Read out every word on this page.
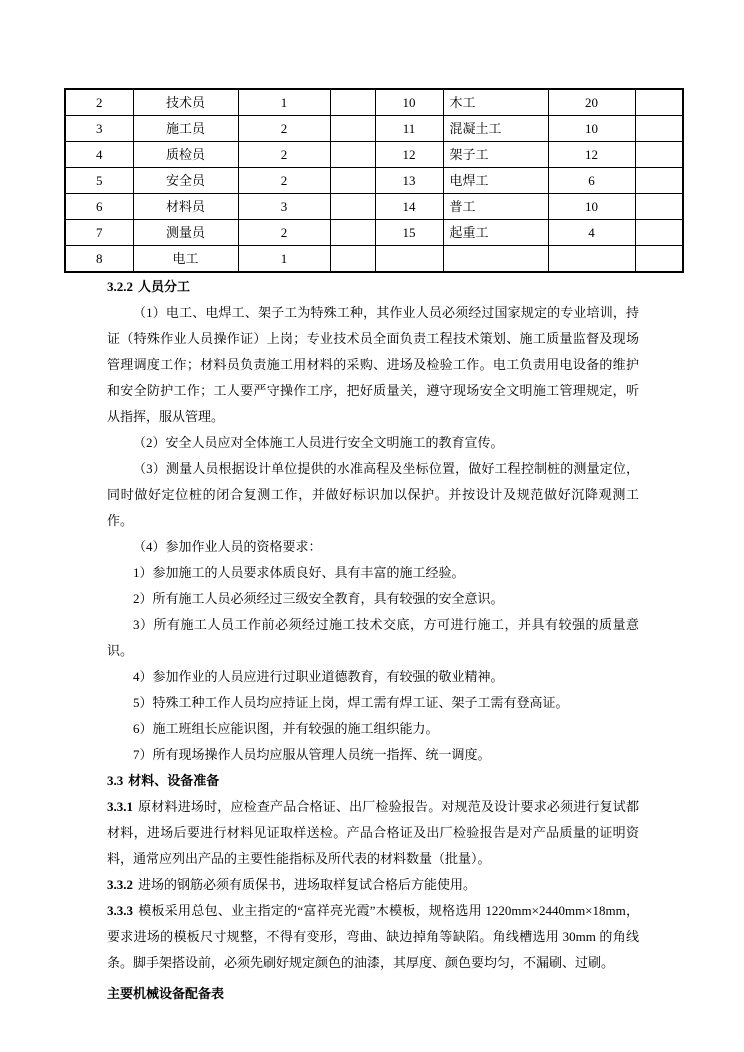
2	技术员	1		10	木工	20	
3	施工员	2		11	混凝土工	10	
4	质检员	2		12	架子工	12	
5	安全员	2		13	电焊工	6	
6	材料员	3		14	普工	10	
7	测量员	2		15	起重工	4	
8	电工	1					

3.2.2 人员分工

（1）电工、电焊工、架子工为特殊工种，其作业人员必须经过国家规定的专业培训，持证（特殊作业人员操作证）上岗；专业技术员全面负责工程技术策划、施工质量监督及现场管理调度工作；材料员负责施工用材料的采购、进场及检验工作。电工负责用电设备的维护和安全防护工作；工人要严守操作工序，把好质量关，遵守现场安全文明施工管理规定，听从指挥，服从管理。

（2）安全人员应对全体施工人员进行安全文明施工的教育宣传。

（3）测量人员根据设计单位提供的水准高程及坐标位置，做好工程控制桩的测量定位，同时做好定位桩的闭合复测工作，并做好标识加以保护。并按设计及规范做好沉降观测工作。

（4）参加作业人员的资格要求：

1）参加施工的人员要求体质良好、具有丰富的施工经验。

2）所有施工人员必须经过三级安全教育，具有较强的安全意识。

3）所有施工人员工作前必须经过施工技术交底，方可进行施工，并具有较强的质量意识。

4）参加作业的人员应进行过职业道德教育，有较强的敬业精神。

5）特殊工种工作人员均应持证上岗，焊工需有焊工证、架子工需有登高证。

6）施工班组长应能识图，并有较强的施工组织能力。

7）所有现场操作人员均应服从管理人员统一指挥、统一调度。

3.3 材料、设备准备

3.3.1 原材料进场时，应检查产品合格证、出厂检验报告。对规范及设计要求必须进行复试都材料，进场后要进行材料见证取样送检。产品合格证及出厂检验报告是对产品质量的证明资料，通常应列出产品的主要性能指标及所代表的材料数量（批量）。

3.3.2 进场的钢筋必须有质保书，进场取样复试合格后方能使用。

3.3.3 模板采用总包、业主指定的“富祥亮光霞”木模板，规格选用 1220mm×2440mm×18mm，要求进场的模板尺寸规整，不得有变形，弯曲、缺边掉角等缺陷。角线槽选用 30mm 的角线条。脚手架搭设前，必须先刷好规定颜色的油漆，其厚度、颜色要均匀，不漏刷、过刷。

主要机械设备配备表
